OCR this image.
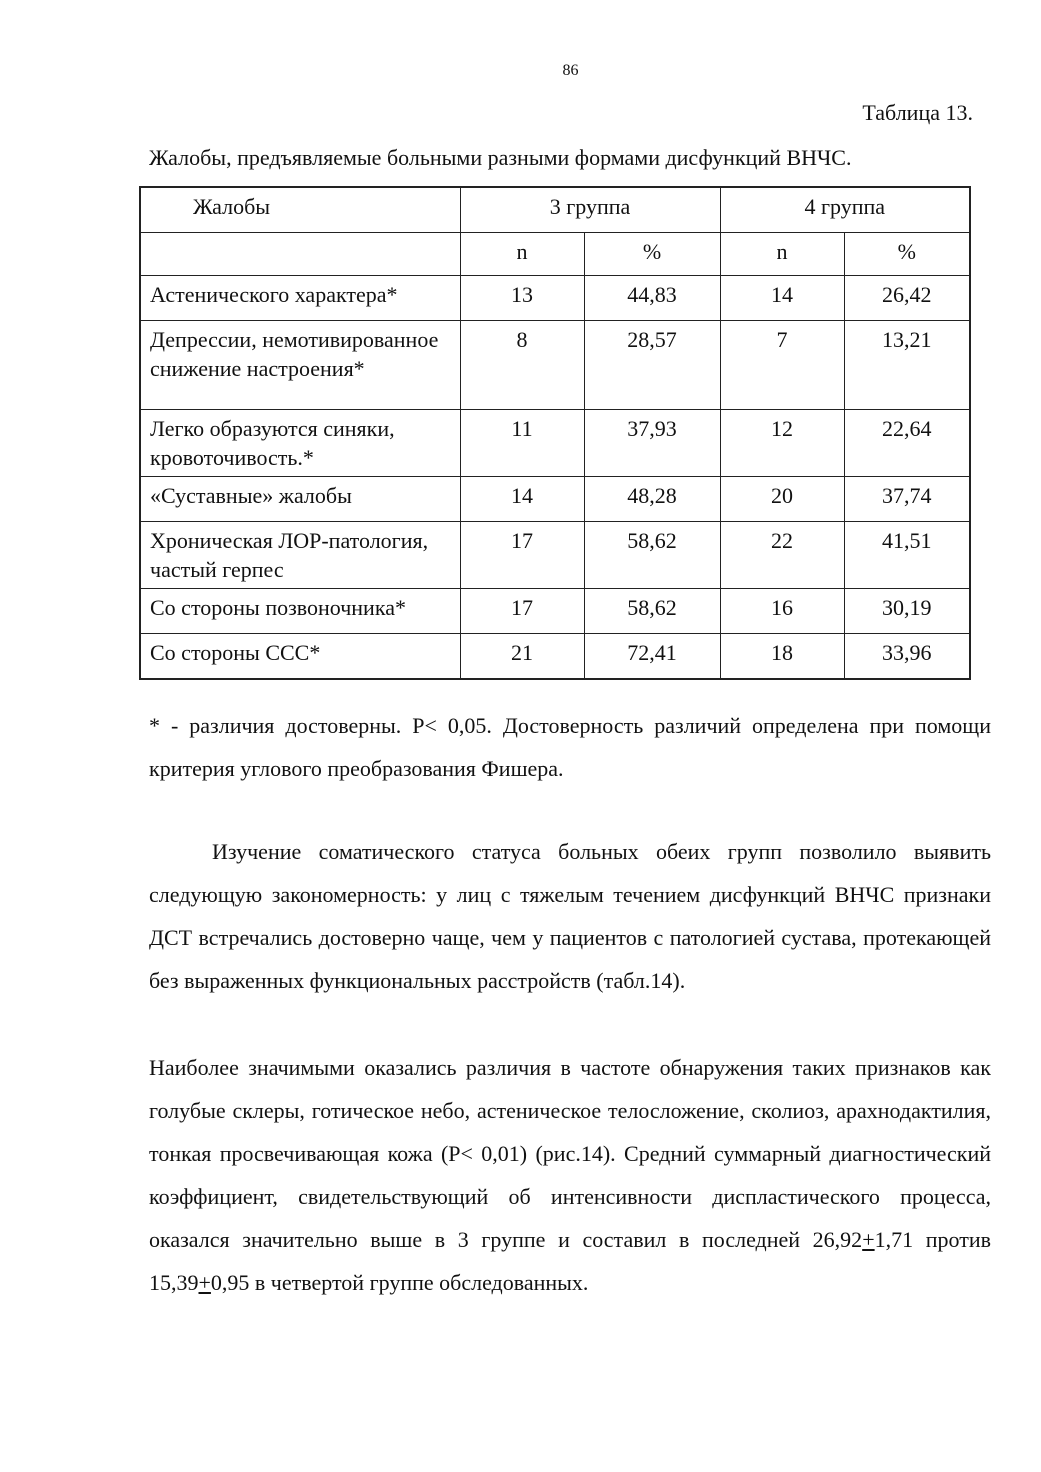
86
Таблица 13.
Жалобы, предъявляемые больными разными формами дисфункций ВНЧС.
Жалобы	3 группа		4 группа	
	n	%	n	%
Астенического характера*	13	44,83	14	26,42
Депрессии, немотивированное снижение настроения*	8	28,57	7	13,21
Легко образуются синяки, кровоточивость.*	11	37,93	12	22,64
«Суставные» жалобы	14	48,28	20	37,74
Хроническая ЛОР-патология, частый герпес	17	58,62	22	41,51
Со стороны позвоночника*	17	58,62	16	30,19
Со стороны ССС*	21	72,41	18	33,96
* - различия достоверны. Р< 0,05. Достоверность различий определена при помощи критерия углового преобразования Фишера.
Изучение соматического статуса больных обеих групп позволило выявить следующую закономерность: у лиц с тяжелым течением дисфункций ВНЧС признаки ДСТ встречались достоверно чаще, чем у пациентов с патологией сустава, протекающей без выраженных функциональных расстройств (табл.14).
Наиболее значимыми оказались различия в частоте обнаружения таких признаков как голубые склеры, готическое небо, астеническое телосложение, сколиоз, арахнодактилия, тонкая просвечивающая кожа (Р< 0,01) (рис.14). Средний суммарный диагностический коэффициент, свидетельствующий об интенсивности диспластического процесса, оказался значительно выше в 3 группе и составил в последней 26,92+1,71 против 15,39+0,95 в четвертой группе обследованных.
